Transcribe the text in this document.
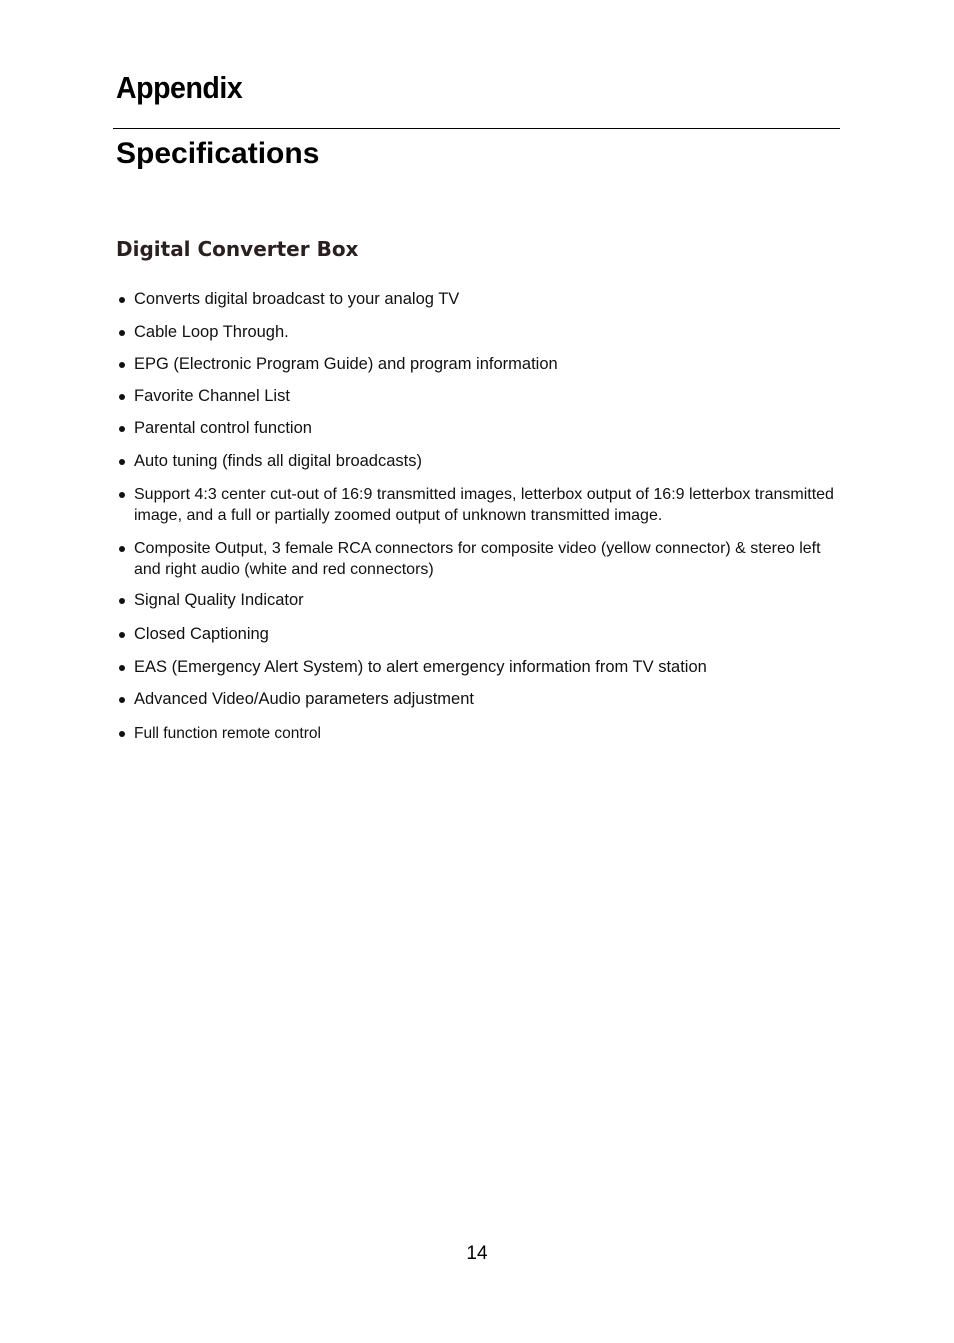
Appendix
Specifications
Digital Converter Box
Converts digital broadcast to your analog TV
Cable Loop Through.
EPG (Electronic Program Guide) and program information
Favorite Channel List
Parental control function
Auto tuning (finds all digital broadcasts)
Support 4:3 center cut-out of 16:9 transmitted images, letterbox output of 16:9 letterbox transmitted image, and a full or partially zoomed output of unknown transmitted image.
Composite Output, 3 female RCA connectors for composite video (yellow connector) & stereo left and right audio (white and red connectors)
Signal Quality Indicator
Closed Captioning
EAS (Emergency Alert System) to alert emergency information from TV station
Advanced Video/Audio parameters adjustment
Full function remote control
14
